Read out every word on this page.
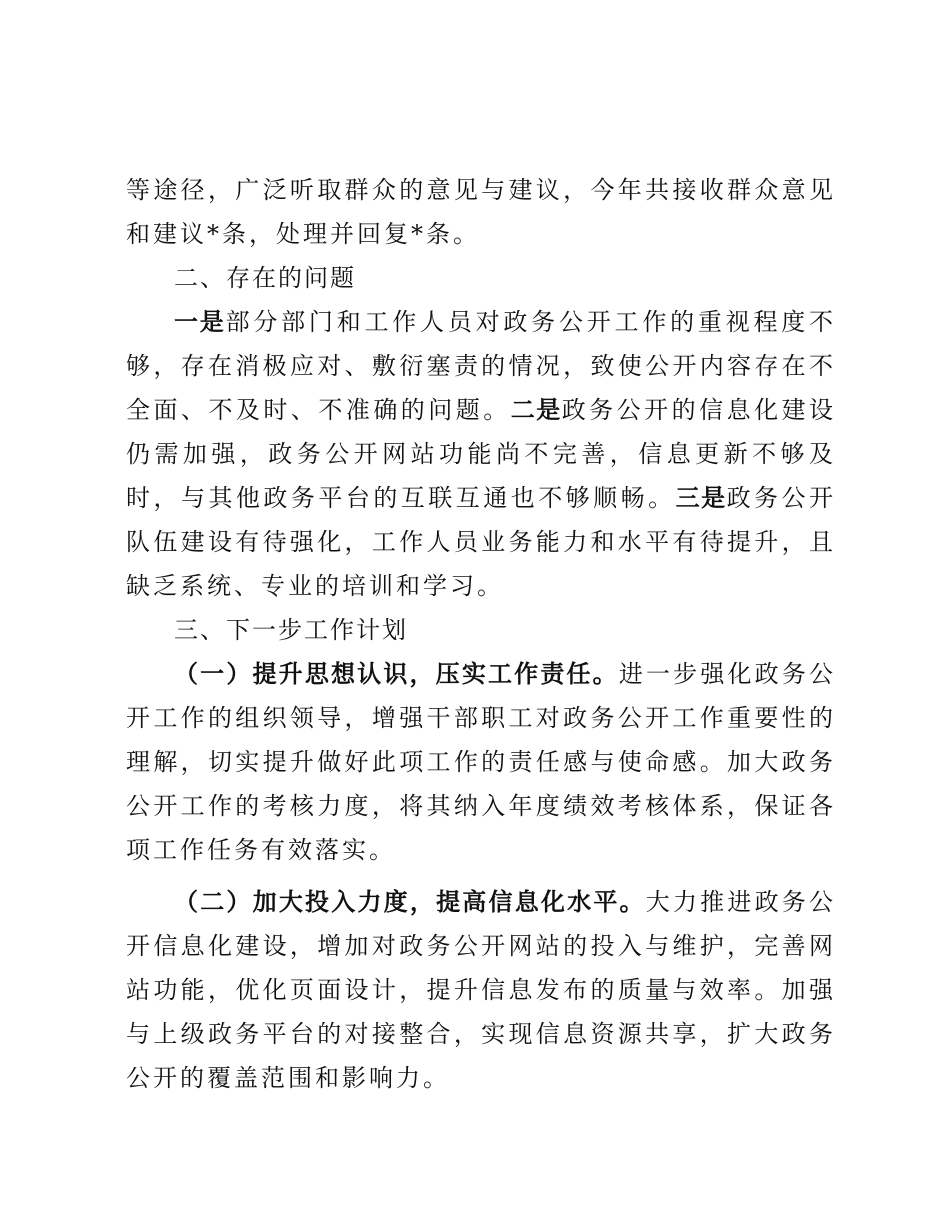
等途径，广泛听取群众的意见与建议，今年共接收群众意见和建议*条，处理并回复*条。

二、存在的问题

一是部分部门和工作人员对政务公开工作的重视程度不够，存在消极应对、敷衍塞责的情况，致使公开内容存在不全面、不及时、不准确的问题。二是政务公开的信息化建设仍需加强，政务公开网站功能尚不完善，信息更新不够及时，与其他政务平台的互联互通也不够顺畅。三是政务公开队伍建设有待强化，工作人员业务能力和水平有待提升，且缺乏系统、专业的培训和学习。

三、下一步工作计划

（一）提升思想认识，压实工作责任。进一步强化政务公开工作的组织领导，增强干部职工对政务公开工作重要性的理解，切实提升做好此项工作的责任感与使命感。加大政务公开工作的考核力度，将其纳入年度绩效考核体系，保证各项工作任务有效落实。

（二）加大投入力度，提高信息化水平。大力推进政务公开信息化建设，增加对政务公开网站的投入与维护，完善网站功能，优化页面设计，提升信息发布的质量与效率。加强与上级政务平台的对接整合，实现信息资源共享，扩大政务公开的覆盖范围和影响力。
